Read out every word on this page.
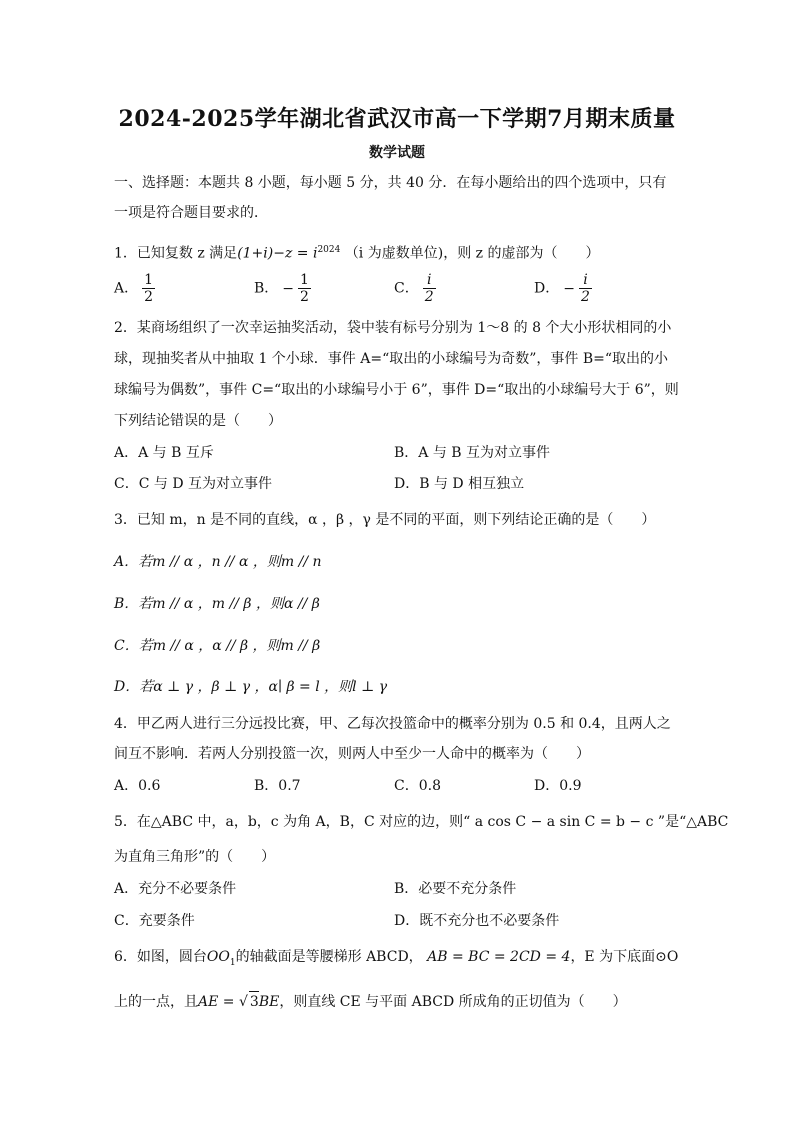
2024-2025学年湖北省武汉市高一下学期7月期末质量
数学试题
一、选择题：本题共 8 小题，每小题 5 分，共 40 分．在每小题给出的四个选项中，只有
一项是符合题目要求的．
1．已知复数 z 满足$(1+i)-z = i^{2024}$ （i 为虚数单位)，则 z 的虚部为（　　）
A． $\frac{1}{2}$	B． − $\frac{1}{2}$	C． $\frac{i}{2}$	D． − $\frac{i}{2}$
2．某商场组织了一次幸运抽奖活动，袋中装有标号分别为 1～8 的 8 个大小形状相同的小
球，现抽奖者从中抽取 1 个小球．事件 A=“取出的小球编号为奇数”，事件 B=“取出的小
球编号为偶数”，事件 C=“取出的小球编号小于 6”，事件 D=“取出的小球编号大于 6”，则
下列结论错误的是（　　）
A．A 与 B 互斥	B．A 与 B 互为对立事件
C．C 与 D 互为对立事件	D．B 与 D 相互独立
3．已知 m，n 是不同的直线，α ，β ，γ 是不同的平面，则下列结论正确的是（　　）
A．若m // α ，n // α ，则m // n
B．若m // α ，m // β ，则α // β
C．若m // α ，α // β ，则m // β
D．若α ⊥ γ ，β ⊥ γ ，α∣ β = l ，则l ⊥ γ
4．甲乙两人进行三分远投比赛，甲、乙每次投篮命中的概率分别为 0.5 和 0.4，且两人之
间互不影响．若两人分别投篮一次，则两人中至少一人命中的概率为（　　）
A．0.6	B．0.7	C．0.8	D．0.9
5．在△ABC 中，a，b，c 为角 A，B，C 对应的边，则“ a cos C − a sin C = b − c ”是“△ABC
为直角三角形”的（　　）
A．充分不必要条件	B．必要不充分条件
C．充要条件	D．既不充分也不必要条件
6．如图，圆台$OO_1$的轴截面是等腰梯形 ABCD， AB = BC = 2CD = 4，E 为下底面⊙O
上的一点，且AE = √ 3BE，则直线 CE 与平面 ABCD 所成角的正切值为（　　）
